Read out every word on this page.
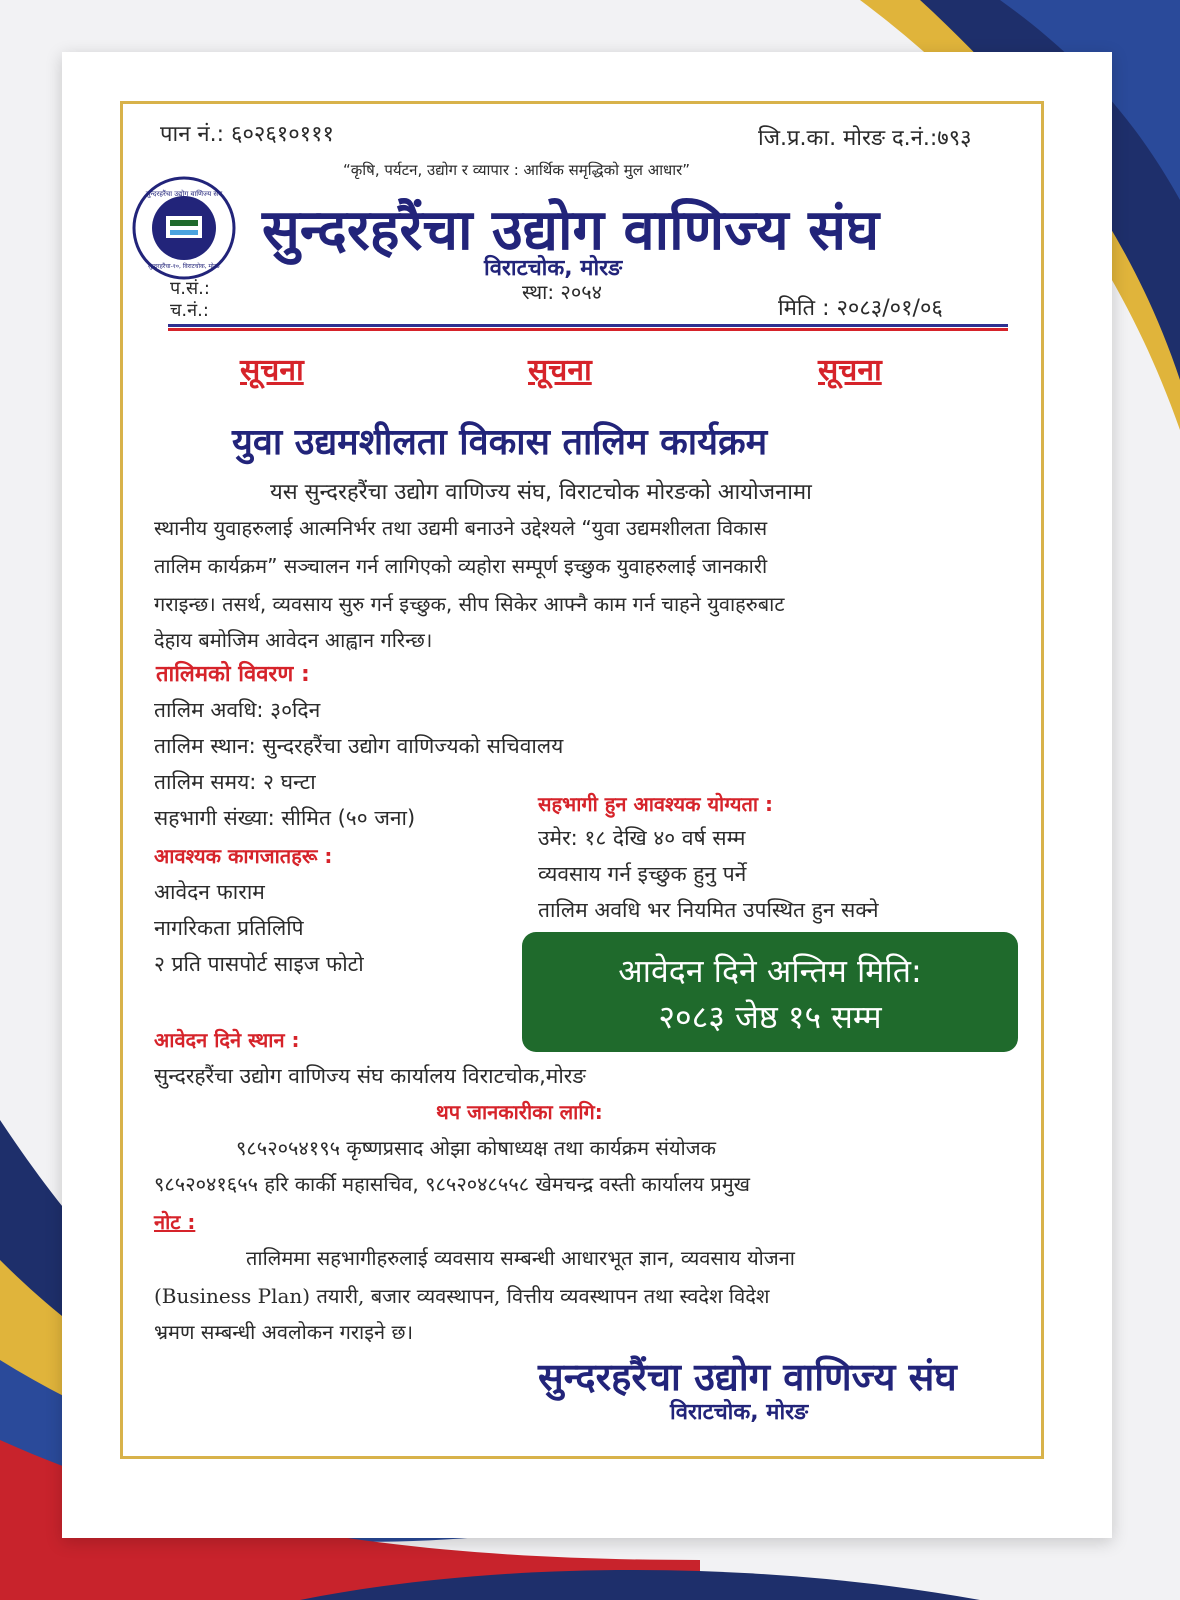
पान नं.: ६०२६१०१११	जि.प्र.का. मोरङ द.नं.:७९३
“कृषि, पर्यटन, उद्योग र व्यापार : आर्थिक समृद्धिको मुल आधार”
सुन्दरहरैंचा उद्योग वाणिज्य संघ
सुन्दरहरैंचा-१०, विराटचोक, मोरङ
सुन्दरहरैंचा उद्योग वाणिज्य संघ
विराटचोक, मोरङ
स्था: २०५४
प.सं.:
च.नं.:	मिति : २०८३/०१/०६
सूचना	सूचना	सूचना
युवा उद्यमशीलता विकास तालिम कार्यक्रम
यस सुन्दरहरैंचा उद्योग वाणिज्य संघ, विराटचोक मोरङको आयोजनामा
स्थानीय युवाहरुलाई आत्मनिर्भर तथा उद्यमी बनाउने उद्देश्यले “युवा उद्यमशीलता विकास
तालिम कार्यक्रम” सञ्चालन गर्न लागिएको व्यहोरा सम्पूर्ण इच्छुक युवाहरुलाई जानकारी
गराइन्छ। तसर्थ, व्यवसाय सुरु गर्न इच्छुक, सीप सिकेर आफ्नै काम गर्न चाहने युवाहरुबाट
देहाय बमोजिम आवेदन आह्वान गरिन्छ।
तालिमको विवरण :
तालिम अवधि: ३०दिन
तालिम स्थान: सुन्दरहरैंचा उद्योग वाणिज्यको सचिवालय
तालिम समय: २ घन्टा
सहभागी संख्या: सीमित (५० जना)
सहभागी हुन आवश्यक योग्यता :
उमेर: १८ देखि ४० वर्ष सम्म
व्यवसाय गर्न इच्छुक हुनु पर्ने
तालिम अवधि भर नियमित उपस्थित हुन सक्ने
आवश्यक कागजातहरू :
आवेदन फाराम
नागरिकता प्रतिलिपि
२ प्रति पासपोर्ट साइज फोटो	आवेदन दिने अन्तिम मिति:
२०८३ जेष्ठ १५ सम्म
आवेदन दिने स्थान :
सुन्दरहरैंचा उद्योग वाणिज्य संघ कार्यालय विराटचोक,मोरङ
थप जानकारीका लागि:
९८५२०५४१९५ कृष्णप्रसाद ओझा कोषाध्यक्ष तथा कार्यक्रम संयोजक
९८५२०४१६५५ हरि कार्की महासचिव, ९८५२०४८५५८ खेमचन्द्र वस्ती कार्यालय प्रमुख
नोट :
तालिममा सहभागीहरुलाई व्यवसाय सम्बन्धी आधारभूत ज्ञान, व्यवसाय योजना
(Business Plan) तयारी, बजार व्यवस्थापन, वित्तीय व्यवस्थापन तथा स्वदेश विदेश
भ्रमण सम्बन्धी अवलोकन गराइने छ।
सुन्दरहरैंचा उद्योग वाणिज्य संघ
विराटचोक, मोरङ
